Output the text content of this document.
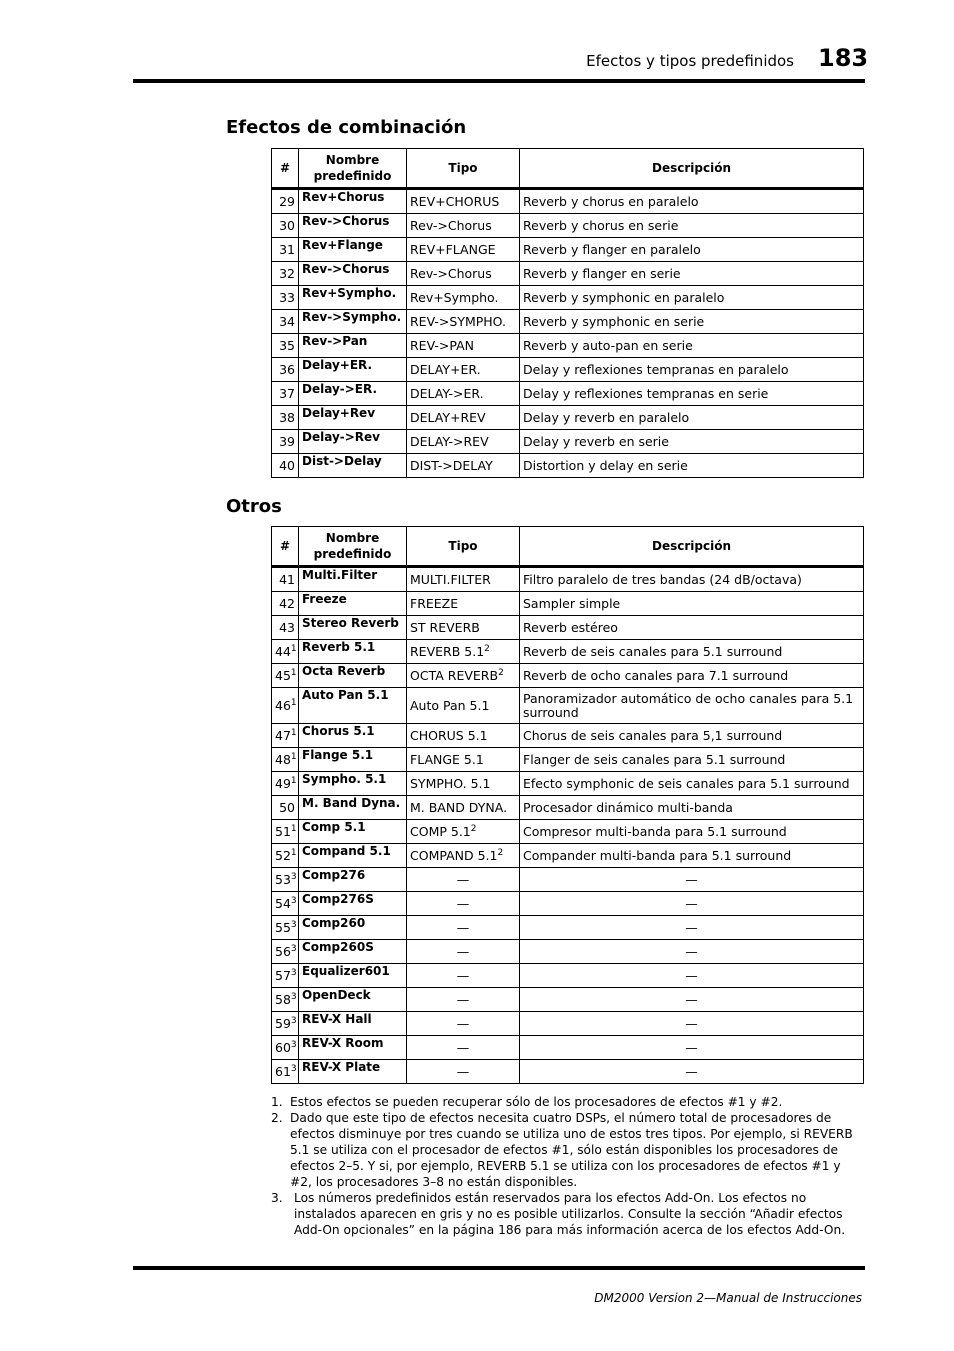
Efectos y tipos predefinidos 183
Efectos de combinación
#	Nombre predefinido	Tipo	Descripción
29	Rev+Chorus	REV+CHORUS	Reverb y chorus en paralelo
30	Rev->Chorus	Rev->Chorus	Reverb y chorus en serie
31	Rev+Flange	REV+FLANGE	Reverb y flanger en paralelo
32	Rev->Chorus	Rev->Chorus	Reverb y flanger en serie
33	Rev+Sympho.	Rev+Sympho.	Reverb y symphonic en paralelo
34	Rev->Sympho.	REV->SYMPHO.	Reverb y symphonic en serie
35	Rev->Pan	REV->PAN	Reverb y auto-pan en serie
36	Delay+ER.	DELAY+ER.	Delay y reflexiones tempranas en paralelo
37	Delay->ER.	DELAY->ER.	Delay y reflexiones tempranas en serie
38	Delay+Rev	DELAY+REV	Delay y reverb en paralelo
39	Delay->Rev	DELAY->REV	Delay y reverb en serie
40	Dist->Delay	DIST->DELAY	Distortion y delay en serie
Otros
#	Nombre predefinido	Tipo	Descripción
41	Multi.Filter	MULTI.FILTER	Filtro paralelo de tres bandas (24 dB/octava)
42	Freeze	FREEZE	Sampler simple
43	Stereo Reverb	ST REVERB	Reverb estéreo
$44^1$	Reverb 5.1	REVERB $5.1^2$	Reverb de seis canales para 5.1 surround
$45^1$	Octa Reverb	OCTA REVERB$^2$	Reverb de ocho canales para 7.1 surround
$46^1$	Auto Pan 5.1	Auto Pan 5.1	Panoramizador automático de ocho canales para 5.1 surround
$47^1$	Chorus 5.1	CHORUS 5.1	Chorus de seis canales para 5,1 surround
$48^1$	Flange 5.1	FLANGE 5.1	Flanger de seis canales para 5.1 surround
$49^1$	Sympho. 5.1	SYMPHO. 5.1	Efecto symphonic de seis canales para 5.1 surround
50	M. Band Dyna.	M. BAND DYNA.	Procesador dinámico multi-banda
$51^1$	Comp 5.1	COMP $5.1^2$	Compresor multi-banda para 5.1 surround
$52^1$	Compand 5.1	COMPAND $5.1^2$	Compander multi-banda para 5.1 surround
$53^3$	Comp276	—	—
$54^3$	Comp276S	—	—
$55^3$	Comp260	—	—
$56^3$	Comp260S	—	—
$57^3$	Equalizer601	—	—
$58^3$	OpenDeck	—	—
$59^3$	REV-X Hall	—	—
$60^3$	REV-X Room	—	—
$61^3$	REV-X Plate	—	—
1. Estos efectos se pueden recuperar sólo de los procesadores de efectos #1 y #2.
2. Dado que este tipo de efectos necesita cuatro DSPs, el número total de procesadores de efectos disminuye por tres cuando se utiliza uno de estos tres tipos. Por ejemplo, si REVERB 5.1 se utiliza con el procesador de efectos #1, sólo están disponibles los procesadores de efectos 2–5. Y si, por ejemplo, REVERB 5.1 se utiliza con los procesadores de efectos #1 y #2, los procesadores 3–8 no están disponibles.
3. Los números predefinidos están reservados para los efectos Add-On. Los efectos no instalados aparecen en gris y no es posible utilizarlos. Consulte la sección “Añadir efectos Add-On opcionales” en la página 186 para más información acerca de los efectos Add-On.
DM2000 Version 2—Manual de Instrucciones
